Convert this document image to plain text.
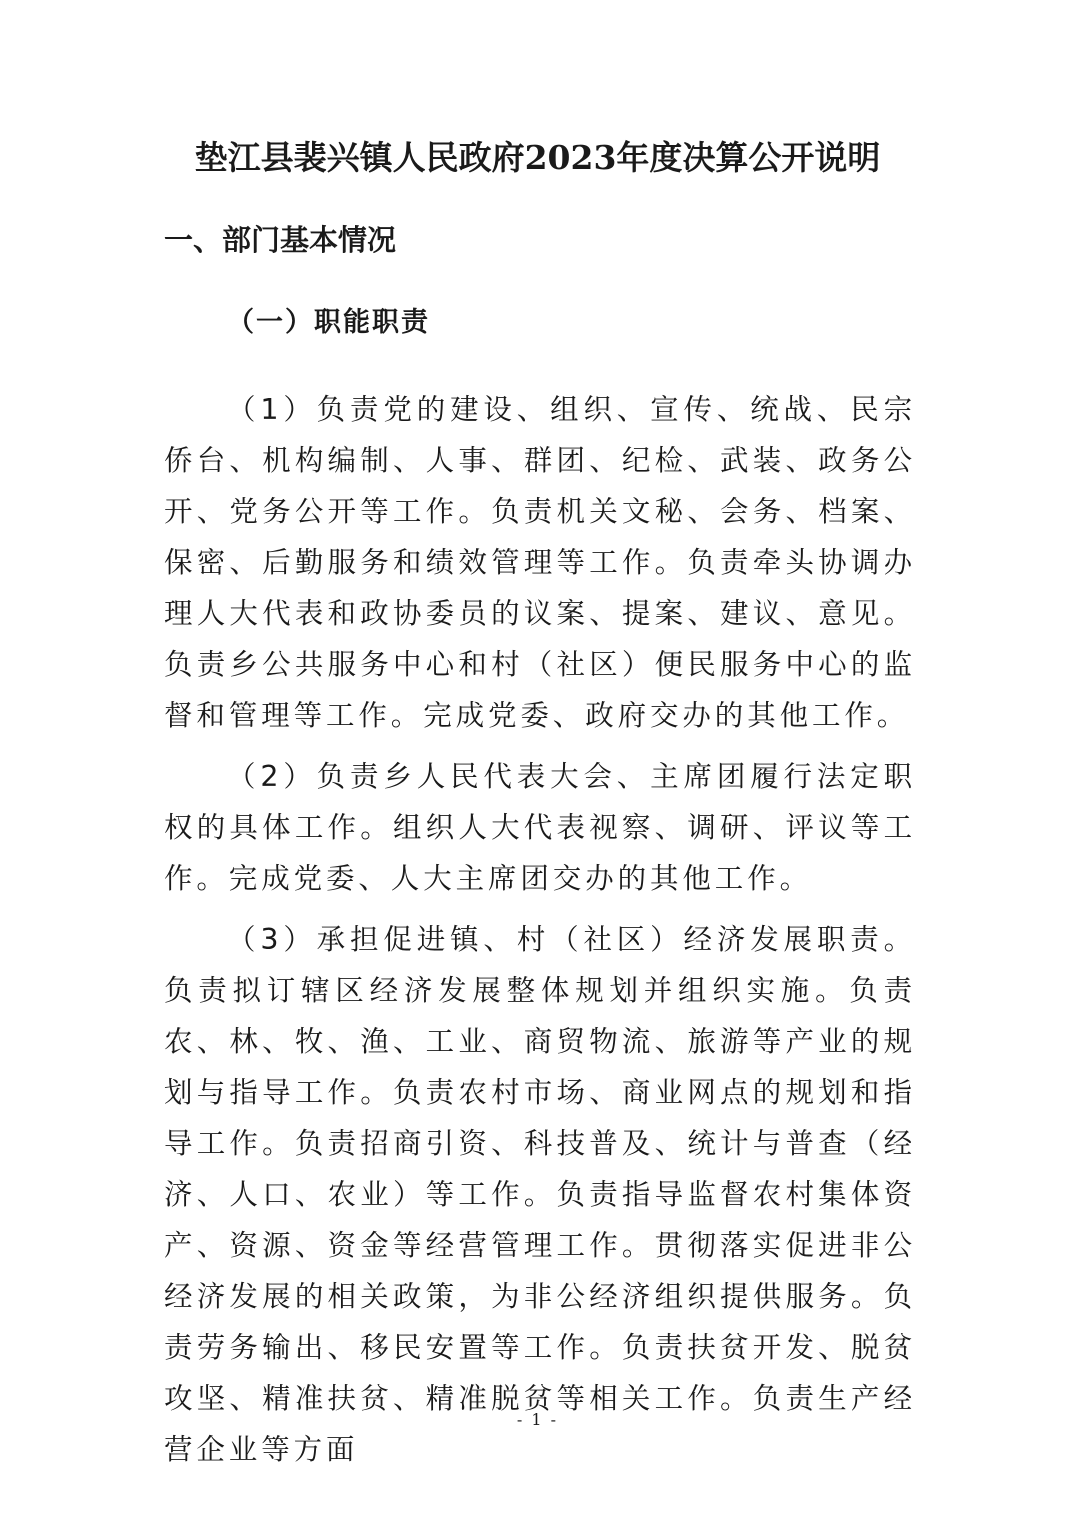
垫江县裴兴镇人民政府2023年度决算公开说明
一、部门基本情况
（一）职能职责

（1）负责党的建设、组织、宣传、统战、民宗侨台、机构编制、人事、群团、纪检、武装、政务公开、党务公开等工作。负责机关文秘、会务、档案、保密、后勤服务和绩效管理等工作。负责牵头协调办理人大代表和政协委员的议案、提案、建议、意见。负责乡公共服务中心和村（社区）便民服务中心的监督和管理等工作。完成党委、政府交办的其他工作。

（2）负责乡人民代表大会、主席团履行法定职权的具体工作。组织人大代表视察、调研、评议等工作。完成党委、人大主席团交办的其他工作。

（3）承担促进镇、村（社区）经济发展职责。负责拟订辖区经济发展整体规划并组织实施。负责农、林、牧、渔、工业、商贸物流、旅游等产业的规划与指导工作。负责农村市场、商业网点的规划和指导工作。负责招商引资、科技普及、统计与普查（经济、人口、农业）等工作。负责指导监督农村集体资产、资源、资金等经营管理工作。贯彻落实促进非公经济发展的相关政策，为非公经济组织提供服务。负责劳务输出、移民安置等工作。负责扶贫开发、脱贫攻坚、精准扶贫、精准脱贫等相关工作。负责生产经营企业等方面

- 1 -
